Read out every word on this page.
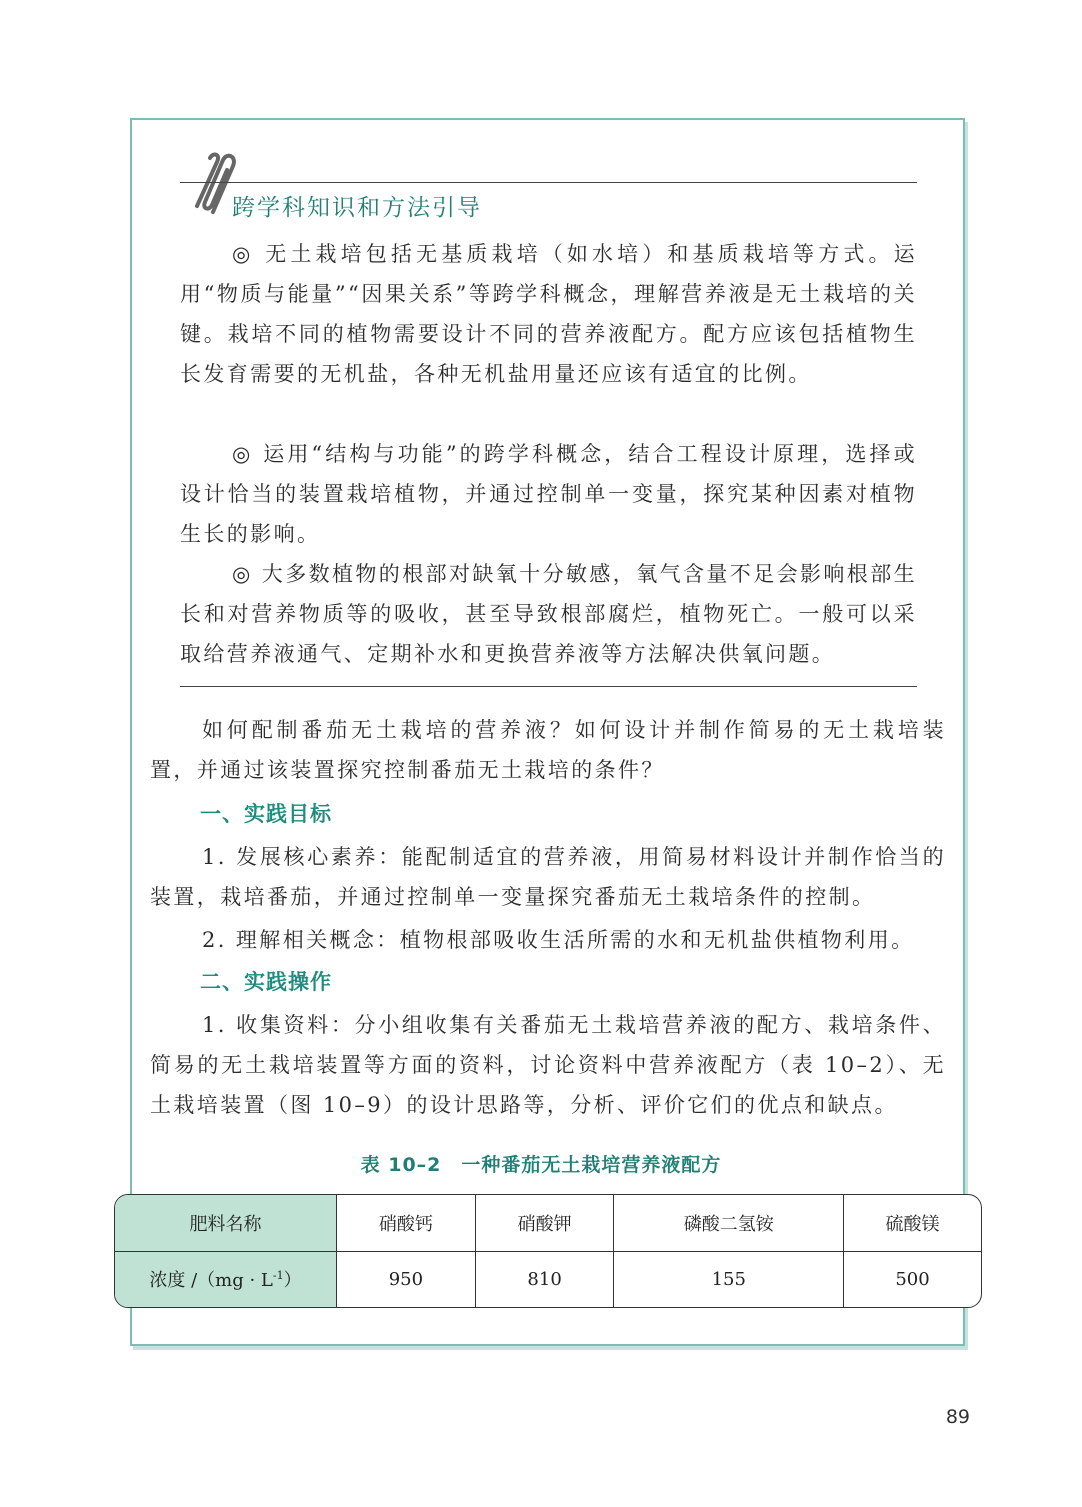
跨学科知识和方法引导

◎ 无土栽培包括无基质栽培（如水培）和基质栽培等方式。运用“物质与能量”“因果关系”等跨学科概念，理解营养液是无土栽培的关键。栽培不同的植物需要设计不同的营养液配方。配方应该包括植物生长发育需要的无机盐，各种无机盐用量还应该有适宜的比例。

◎ 运用“结构与功能”的跨学科概念，结合工程设计原理，选择或设计恰当的装置栽培植物，并通过控制单一变量，探究某种因素对植物生长的影响。

◎ 大多数植物的根部对缺氧十分敏感，氧气含量不足会影响根部生长和对营养物质等的吸收，甚至导致根部腐烂，植物死亡。一般可以采取给营养液通气、定期补水和更换营养液等方法解决供氧问题。

如何配制番茄无土栽培的营养液？如何设计并制作简易的无土栽培装置，并通过该装置探究控制番茄无土栽培的条件？

一、实践目标

1. 发展核心素养：能配制适宜的营养液，用简易材料设计并制作恰当的装置，栽培番茄，并通过控制单一变量探究番茄无土栽培条件的控制。

2. 理解相关概念：植物根部吸收生活所需的水和无机盐供植物利用。

二、实践操作

1. 收集资料：分小组收集有关番茄无土栽培营养液的配方、栽培条件、简易的无土栽培装置等方面的资料，讨论资料中营养液配方（表 10–2）、无土栽培装置（图 10–9）的设计思路等，分析、评价它们的优点和缺点。

表 10–2　一种番茄无土栽培营养液配方
肥料名称	硝酸钙	硝酸钾	磷酸二氢铵	硫酸镁
浓度 $/(mg \cdot L^{-1})$	950	810	155	500
89
